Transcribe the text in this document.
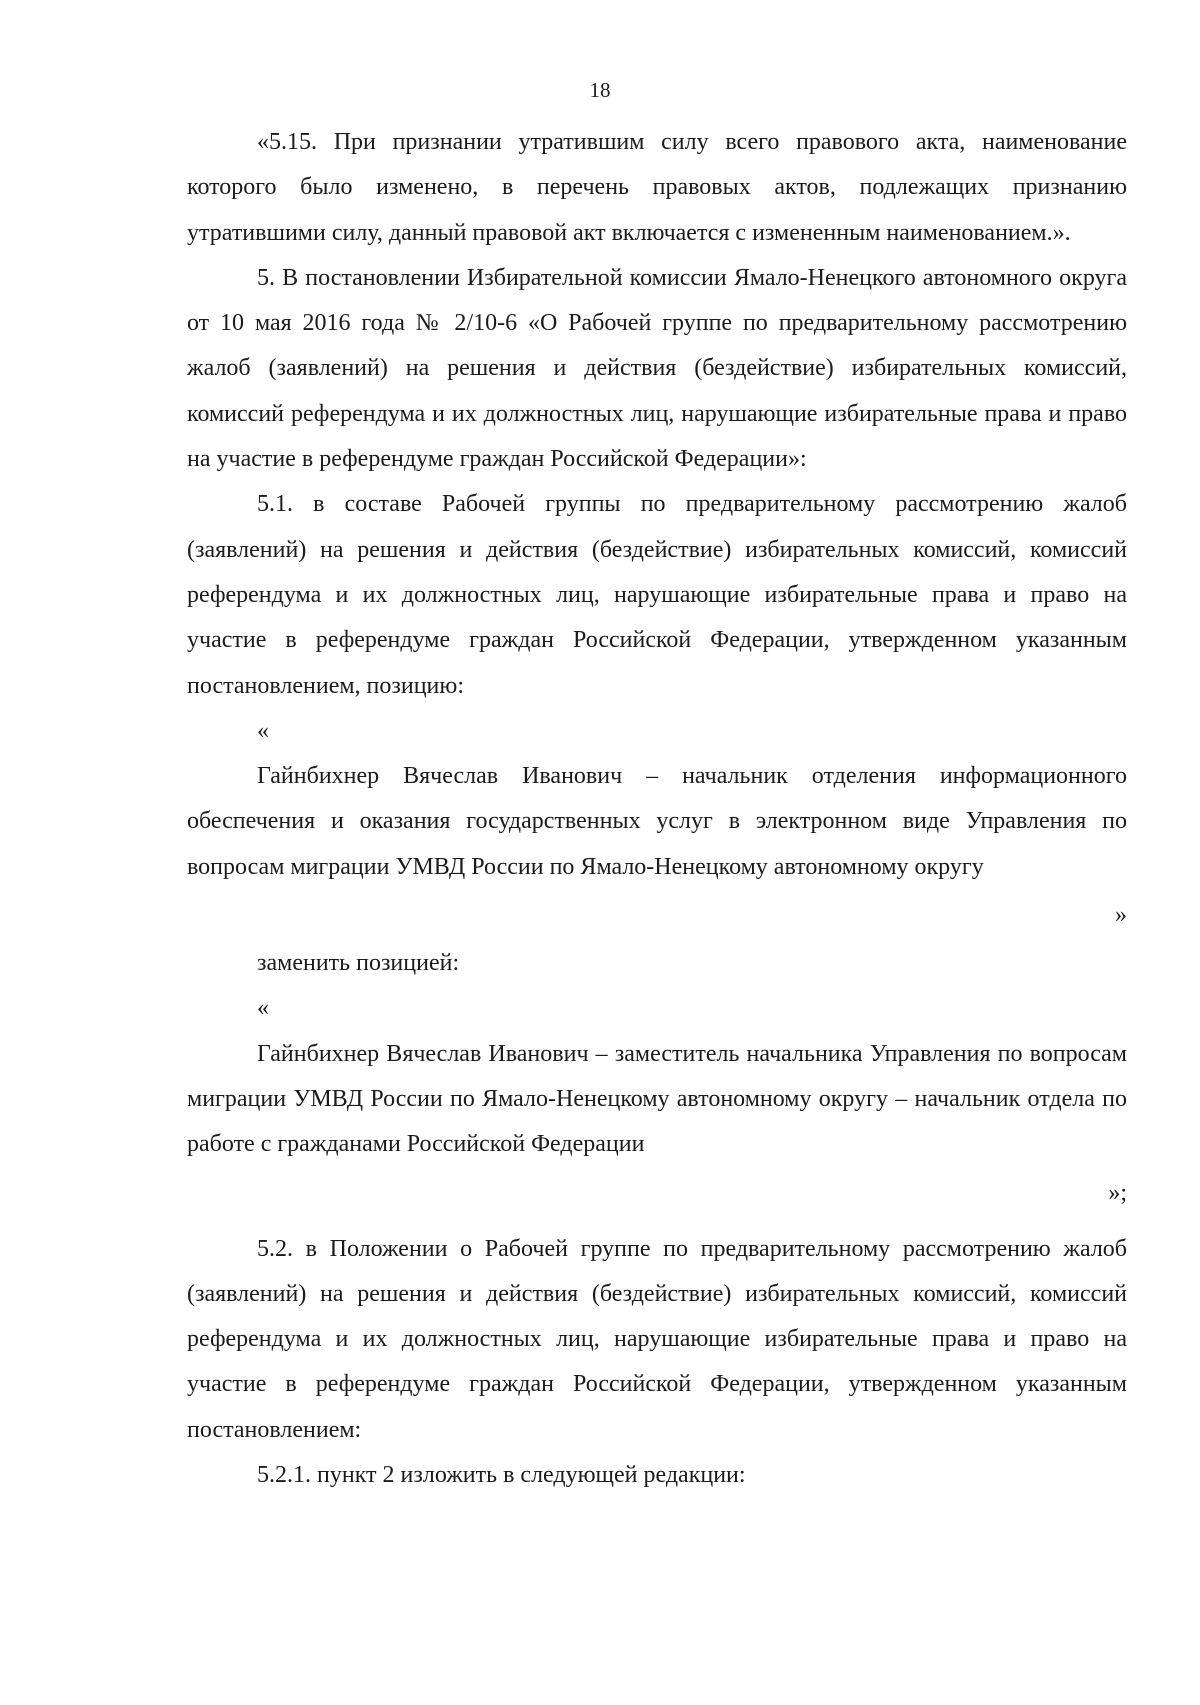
18

«5.15. При признании утратившим силу всего правового акта, наименование которого было изменено, в перечень правовых актов, подлежащих признанию утратившими силу, данный правовой акт включается с измененным наименованием.».

5. В постановлении Избирательной комиссии Ямало-Ненецкого автономного округа от 10 мая 2016 года № 2/10-6 «О Рабочей группе по предварительному рассмотрению жалоб (заявлений) на решения и действия (бездействие) избирательных комиссий, комиссий референдума и их должностных лиц, нарушающие избирательные права и право на участие в референдуме граждан Российской Федерации»:

5.1. в составе Рабочей группы по предварительному рассмотрению жалоб (заявлений) на решения и действия (бездействие) избирательных комиссий, комиссий референдума и их должностных лиц, нарушающие избирательные права и право на участие в референдуме граждан Российской Федерации, утвержденном указанным постановлением, позицию:

«

Гайнбихнер Вячеслав Иванович – начальник отделения информационного обеспечения и оказания государственных услуг в электронном виде Управления по вопросам миграции УМВД России по Ямало-Ненецкому автономному округу

»

заменить позицией:

«

Гайнбихнер Вячеслав Иванович – заместитель начальника Управления по вопросам миграции УМВД России по Ямало-Ненецкому автономному округу – начальник отдела по работе с гражданами Российской Федерации

»;

5.2. в Положении о Рабочей группе по предварительному рассмотрению жалоб (заявлений) на решения и действия (бездействие) избирательных комиссий, комиссий референдума и их должностных лиц, нарушающие избирательные права и право на участие в референдуме граждан Российской Федерации, утвержденном указанным постановлением:

5.2.1. пункт 2 изложить в следующей редакции:
